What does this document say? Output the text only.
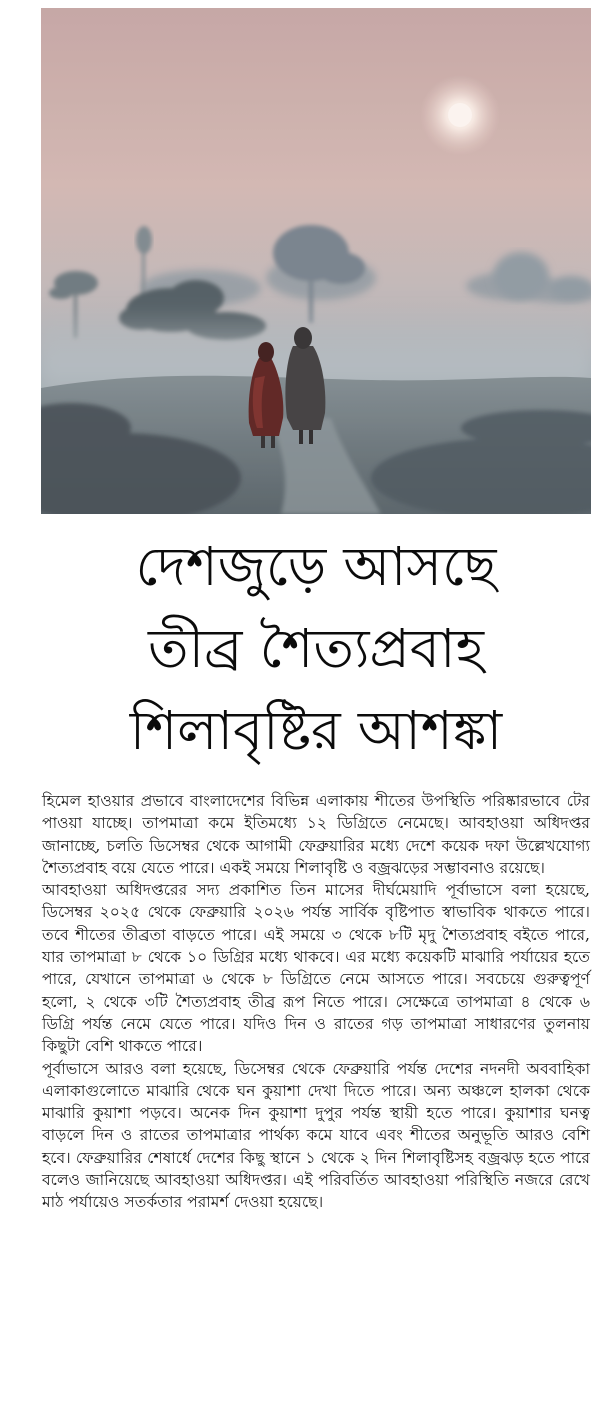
দেশজুড়ে আসছে
তীব্র শৈত্যপ্রবাহ
শিলাবৃষ্টির আশঙ্কা

হিমেল হাওয়ার প্রভাবে বাংলাদেশের বিভিন্ন এলাকায় শীতের উপস্থিতি পরিষ্কারভাবে টের পাওয়া যাচ্ছে। তাপমাত্রা কমে ইতিমধ্যে ১২ ডিগ্রিতে নেমেছে। আবহাওয়া অধিদপ্তর জানাচ্ছে, চলতি ডিসেম্বর থেকে আগামী ফেব্রুয়ারির মধ্যে দেশে কয়েক দফা উল্লেখযোগ্য শৈত্যপ্রবাহ বয়ে যেতে পারে। একই সময়ে শিলাবৃষ্টি ও বজ্রঝড়ের সম্ভাবনাও রয়েছে।

আবহাওয়া অধিদপ্তরের সদ্য প্রকাশিত তিন মাসের দীর্ঘমেয়াদি পূর্বাভাসে বলা হয়েছে, ডিসেম্বর ২০২৫ থেকে ফেব্রুয়ারি ২০২৬ পর্যন্ত সার্বিক বৃষ্টিপাত স্বাভাবিক থাকতে পারে। তবে শীতের তীব্রতা বাড়তে পারে। এই সময়ে ৩ থেকে ৮টি মৃদু শৈত্যপ্রবাহ বইতে পারে, যার তাপমাত্রা ৮ থেকে ১০ ডিগ্রির মধ্যে থাকবে। এর মধ্যে কয়েকটি মাঝারি পর্যায়ের হতে পারে, যেখানে তাপমাত্রা ৬ থেকে ৮ ডিগ্রিতে নেমে আসতে পারে। সবচেয়ে গুরুত্বপূর্ণ হলো, ২ থেকে ৩টি শৈত্যপ্রবাহ তীব্র রূপ নিতে পারে। সেক্ষেত্রে তাপমাত্রা ৪ থেকে ৬ ডিগ্রি পর্যন্ত নেমে যেতে পারে। যদিও দিন ও রাতের গড় তাপমাত্রা সাধারণের তুলনায় কিছুটা বেশি থাকতে পারে।

পূর্বাভাসে আরও বলা হয়েছে, ডিসেম্বর থেকে ফেব্রুয়ারি পর্যন্ত দেশের নদনদী অববাহিকা এলাকাগুলোতে মাঝারি থেকে ঘন কুয়াশা দেখা দিতে পারে। অন্য অঞ্চলে হালকা থেকে মাঝারি কুয়াশা পড়বে। অনেক দিন কুয়াশা দুপুর পর্যন্ত স্থায়ী হতে পারে। কুয়াশার ঘনত্ব বাড়লে দিন ও রাতের তাপমাত্রার পার্থক্য কমে যাবে এবং শীতের অনুভূতি আরও বেশি হবে। ফেব্রুয়ারির শেষার্ধে দেশের কিছু স্থানে ১ থেকে ২ দিন শিলাবৃষ্টিসহ বজ্রঝড় হতে পারে বলেও জানিয়েছে আবহাওয়া অধিদপ্তর। এই পরিবর্তিত আবহাওয়া পরিস্থিতি নজরে রেখে মাঠ পর্যায়েও সতর্কতার পরামর্শ দেওয়া হয়েছে।
